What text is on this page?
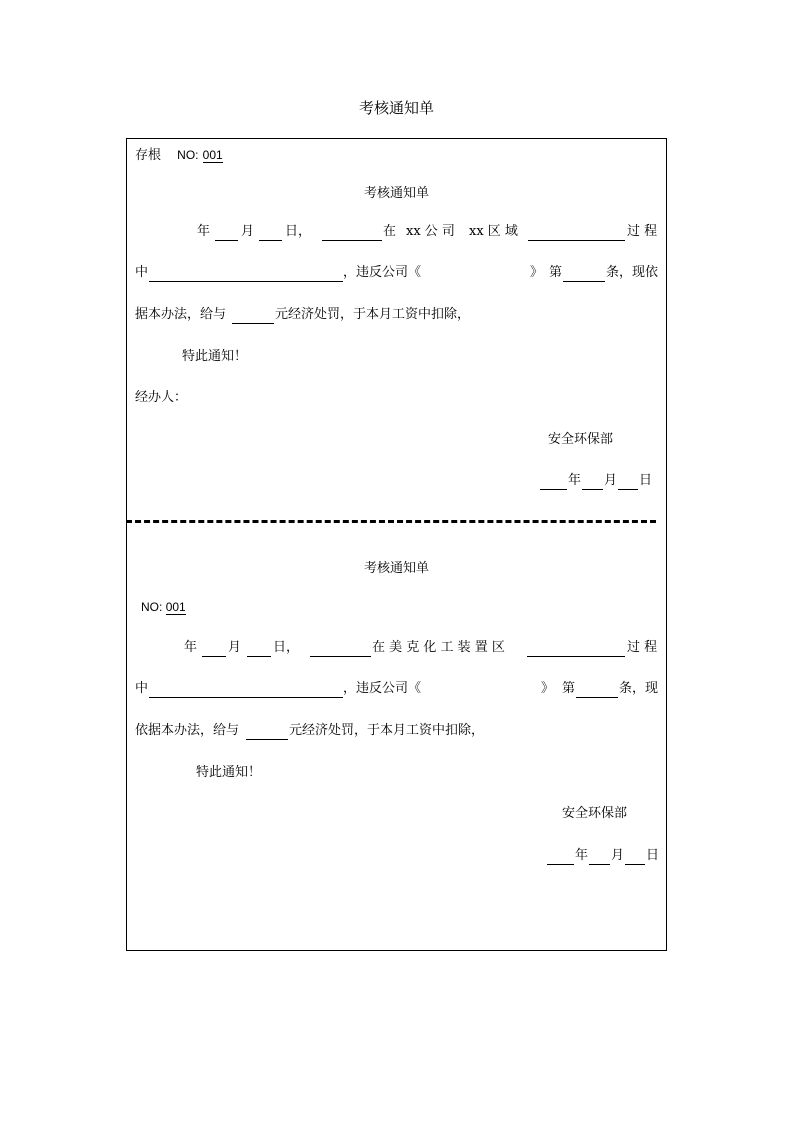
考核通知单
存根 NO: 001
考核通知单
年 月 日，	在 xx 公 司 xx 区 域	过 程
中	，违反公司《	》 第	条，现依
据本办法，给与	元经济处罚，于本月工资中扣除，
特此通知！
经办人：
安全环保部
年 月 日
考核通知单
NO: 001
年 月 日，	在 美 克 化 工 装 置 区	过 程
中	，违反公司《	》 第	条，现
依据本办法，给与	元经济处罚，于本月工资中扣除，
特此通知！
安全环保部
年 月 日
